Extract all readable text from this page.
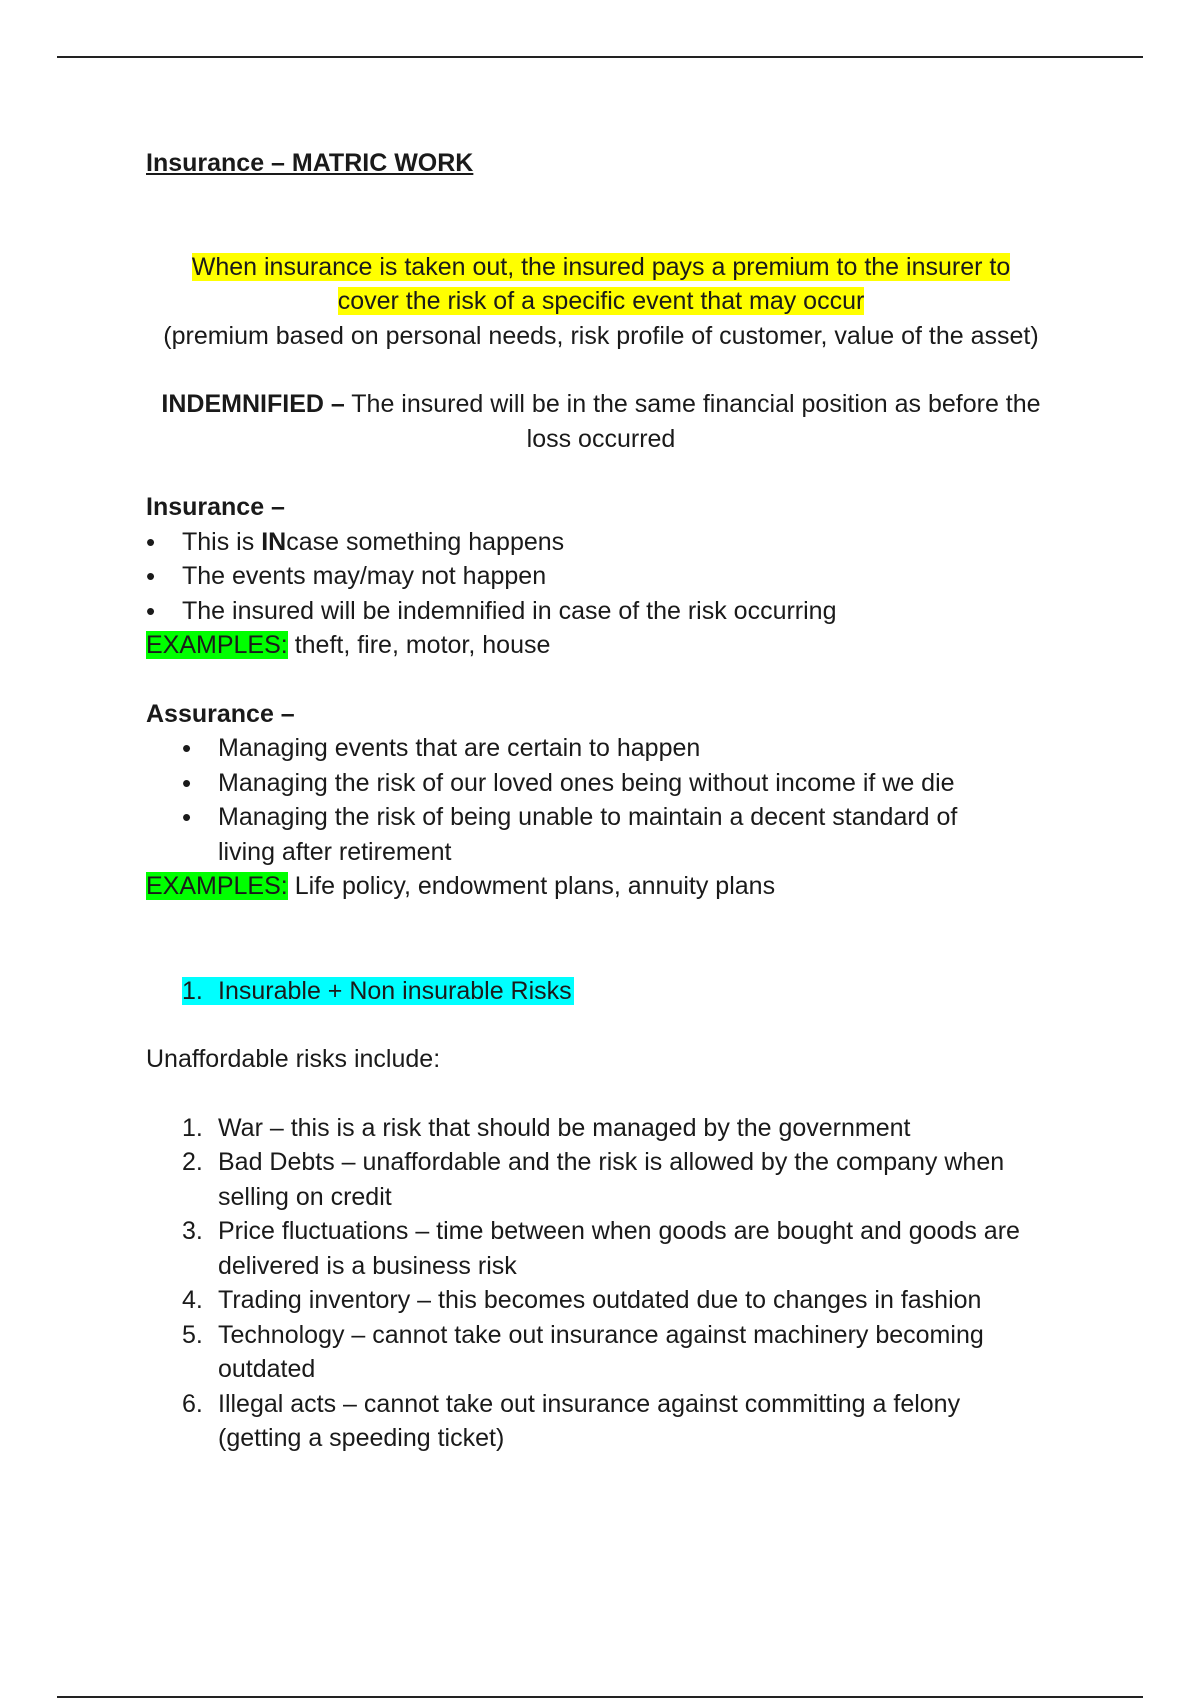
Insurance – MATRIC WORK

When insurance is taken out, the insured pays a premium to the insurer to
cover the risk of a specific event that may occur
(premium based on personal needs, risk profile of customer, value of the asset)
INDEMNIFIED – The insured will be in the same financial position as before the
loss occurred

Insurance –

• This is INcase something happens
• The events may/may not happen
• The insured will be indemnified in case of the risk occurring

EXAMPLES: theft, fire, motor, house

Assurance –

• Managing events that are certain to happen
• Managing the risk of our loved ones being without income if we die
• Managing the risk of being unable to maintain a decent standard of living after retirement

EXAMPLES: Life policy, endowment plans, annuity plans

1. Insurable + Non insurable Risks

Unaffordable risks include:

1. War – this is a risk that should be managed by the government
2. Bad Debts – unaffordable and the risk is allowed by the company when selling on credit
3. Price fluctuations – time between when goods are bought and goods are delivered is a business risk
4. Trading inventory – this becomes outdated due to changes in fashion
5. Technology – cannot take out insurance against machinery becoming outdated
6. Illegal acts – cannot take out insurance against committing a felony (getting a speeding ticket)
